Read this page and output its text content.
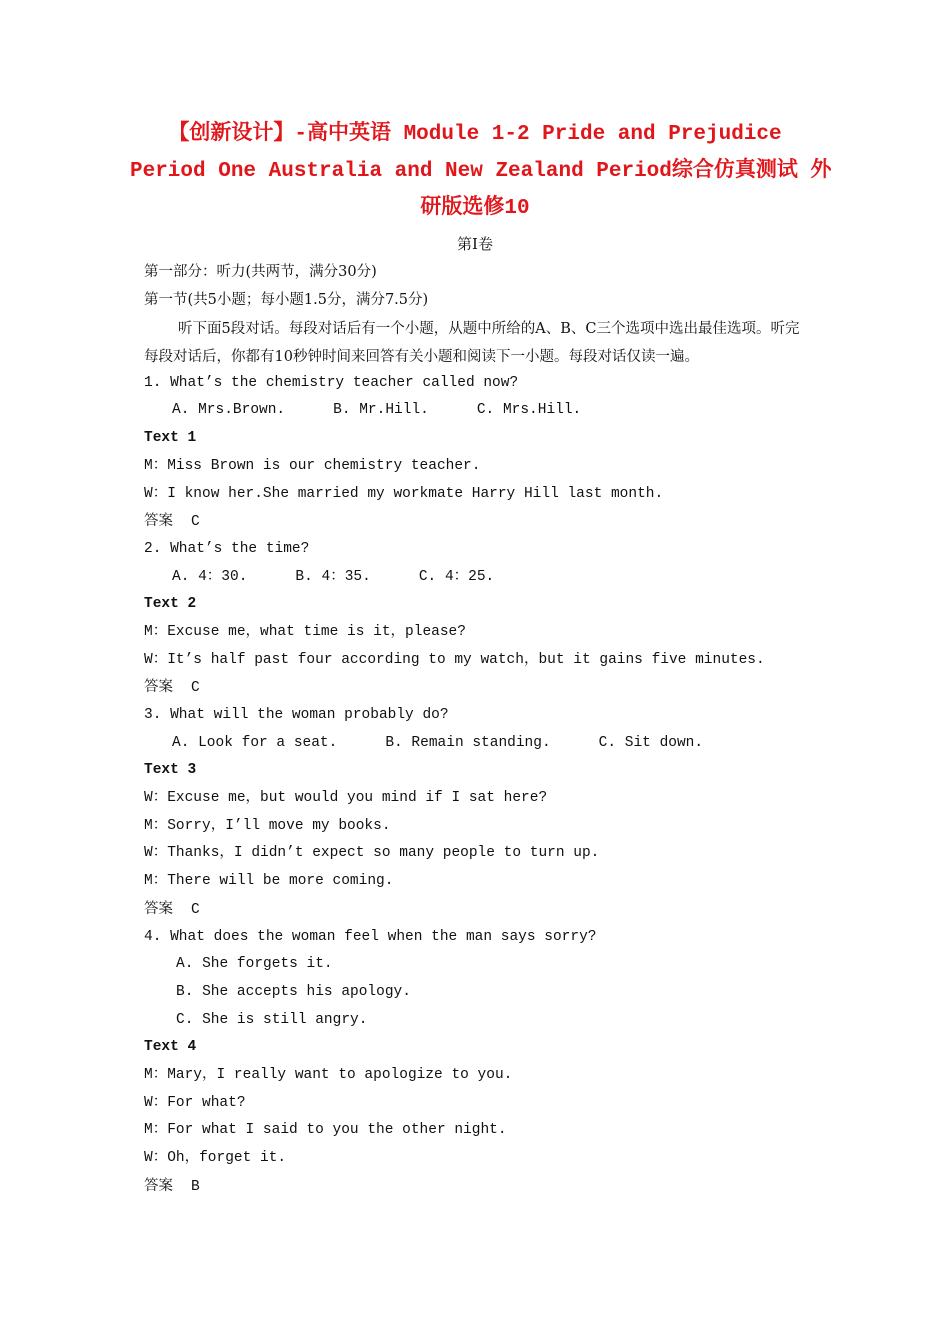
【创新设计】-高中英语 Module 1-2 Pride and Prejudice
Period One Australia and New Zealand Period综合仿真测试 外
研版选修10
第Ⅰ卷
第一部分：听力(共两节，满分30分)
第一节(共5小题；每小题1.5分，满分7.5分)
听下面5段对话。每段对话后有一个小题，从题中所给的A、B、C三个选项中选出最佳选项。听完每段对话后，你都有10秒钟时间来回答有关小题和阅读下一小题。每段对话仅读一遍。
1. What’s the chemistry teacher called now?
A. Mrs.Brown.	B. Mr.Hill.	C. Mrs.Hill.
Text 1
M：Miss Brown is our chemistry teacher.
W：I know her.She married my workmate Harry Hill last month.
答案 C
2. What’s the time?
A. 4：30.	B. 4：35.	C. 4：25.
Text 2
M：Excuse me，what time is it，please?
W：It’s half past four according to my watch，but it gains five minutes.
答案 C
3. What will the woman probably do?
A. Look for a seat.	B. Remain standing.	C. Sit down.
Text 3
W：Excuse me，but would you mind if I sat here?
M：Sorry，I’ll move my books.
W：Thanks，I didn’t expect so many people to turn up.
M：There will be more coming.
答案 C
4. What does the woman feel when the man says sorry?
A. She forgets it.
B. She accepts his apology.
C. She is still angry.
Text 4
M：Mary，I really want to apologize to you.
W：For what?
M：For what I said to you the other night.
W：Oh，forget it.
答案 B
